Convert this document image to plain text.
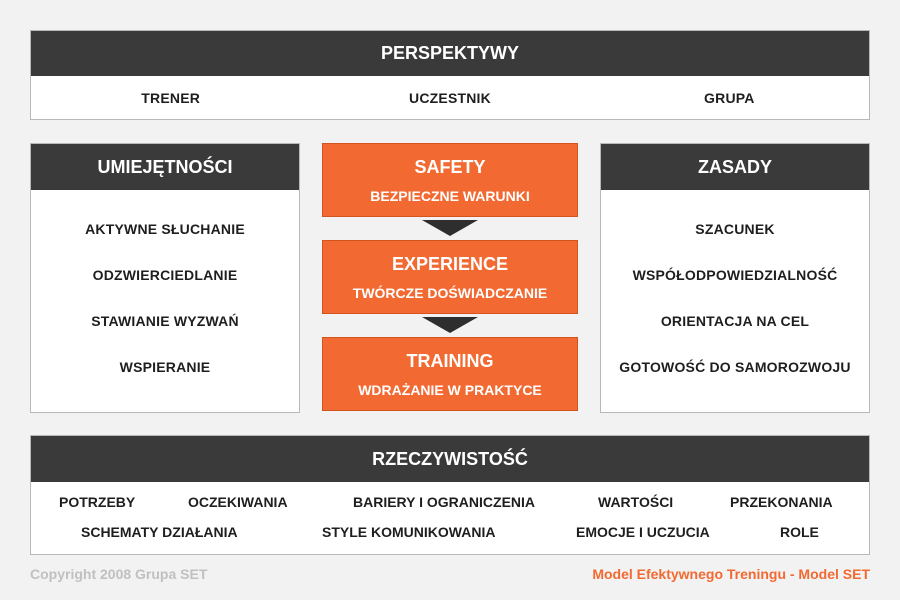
PERSPEKTYWY
TRENER	UCZESTNIK	GRUPA
UMIEJĘTNOŚCI
AKTYWNE SŁUCHANIE
ODZWIERCIEDLANIE
STAWIANIE WYZWAŃ
WSPIERANIE
ZASADY
SZACUNEK
WSPÓŁODPOWIEDZIALNOŚĆ
ORIENTACJA NA CEL
GOTOWOŚĆ DO SAMOROZWOJU
SAFETY
BEZPIECZNE WARUNKI
EXPERIENCE
TWÓRCZE DOŚWIADCZANIE
TRAINING
WDRAŻANIE W PRAKTYCE
RZECZYWISTOŚĆ
POTRZEBY	OCZEKIWANIA	BARIERY I OGRANICZENIA	WARTOŚCI	PRZEKONANIA
SCHEMATY DZIAŁANIA	STYLE KOMUNIKOWANIA	EMOCJE I UCZUCIA	ROLE
Copyright 2008 Grupa SET	Model Efektywnego Treningu - Model SET
